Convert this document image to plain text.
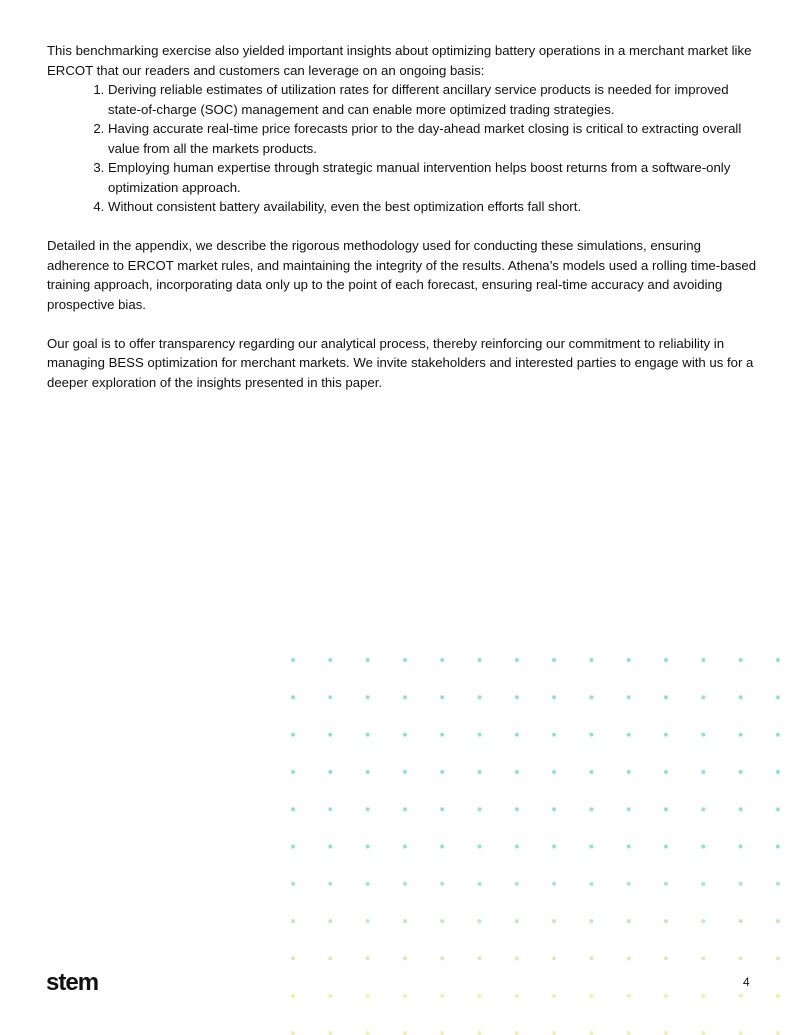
This benchmarking exercise also yielded important insights about optimizing battery operations in a merchant market like ERCOT that our readers and customers can leverage on an ongoing basis:

1. Deriving reliable estimates of utilization rates for different ancillary service products is needed for improved state-of-charge (SOC) management and can enable more optimized trading strategies.
2. Having accurate real-time price forecasts prior to the day-ahead market closing is critical to extracting overall value from all the markets products.
3. Employing human expertise through strategic manual intervention helps boost returns from a software-only optimization approach.
4. Without consistent battery availability, even the best optimization efforts fall short.

Detailed in the appendix, we describe the rigorous methodology used for conducting these simulations, ensuring adherence to ERCOT market rules, and maintaining the integrity of the results. Athena’s models used a rolling time-based training approach, incorporating data only up to the point of each forecast, ensuring real-time accuracy and avoiding prospective bias.

Our goal is to offer transparency regarding our analytical process, thereby reinforcing our commitment to reliability in managing BESS optimization for merchant markets. We invite stakeholders and interested parties to engage with us for a deeper exploration of the insights presented in this paper.

stem	4
